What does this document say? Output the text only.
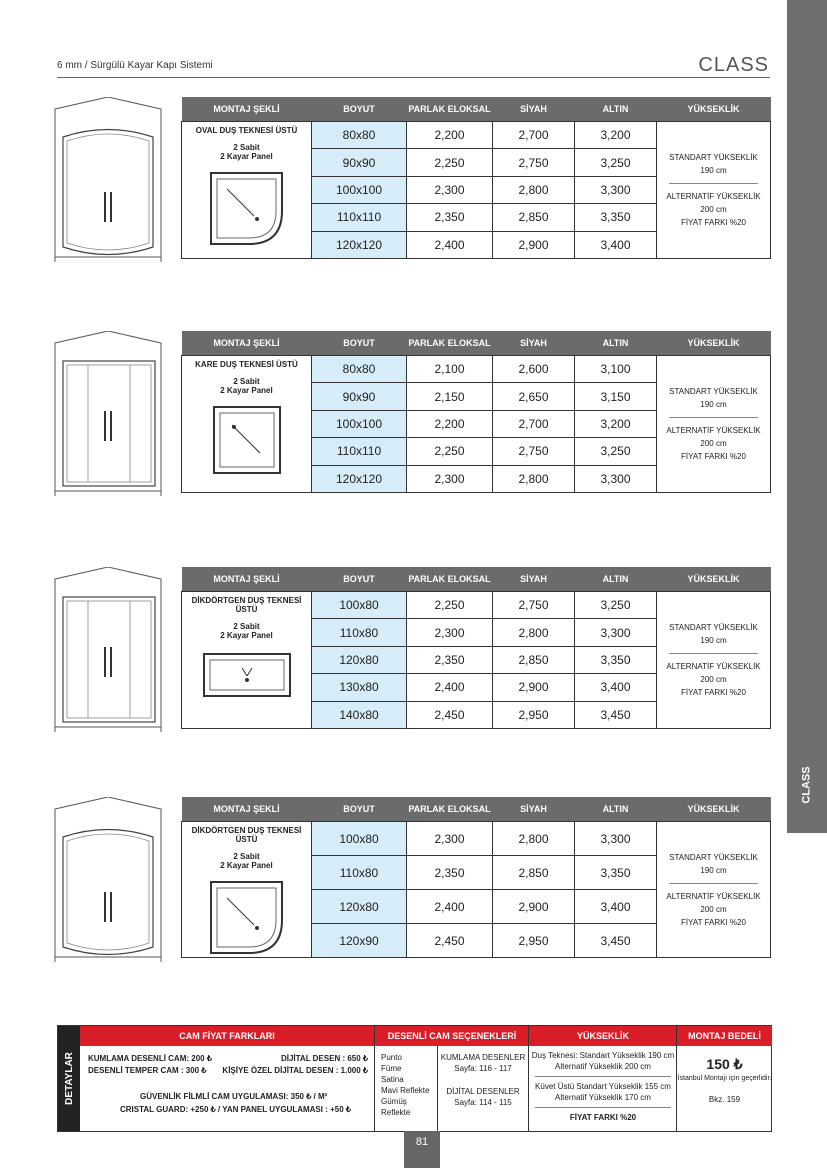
6 mm / Sürgülü Kayar Kapı Sistemi	CLASS
CLASS
MONTAJ ŞEKLİ	BOYUT	PARLAK ELOKSAL	SİYAH	ALTIN	YÜKSEKLİK

OVAL DUŞ TEKNESİ ÜSTÜ
2 Sabit
2 Kayar Panel	80x80	2,200	2,700	3,200	STANDART YÜKSEKLİK
190 cm
ALTERNATİF YÜKSEKLİK
200 cm
FİYAT FARKI %20

	90x90	2,250	2,750	3,250	
	100x100	2,300	2,800	3,300	
	110x110	2,350	2,850	3,350	
	120x120	2,400	2,900	3,400	
MONTAJ ŞEKLİ	BOYUT	PARLAK ELOKSAL	SİYAH	ALTIN	YÜKSEKLİK

KARE DUŞ TEKNESİ ÜSTÜ
2 Sabit
2 Kayar Panel	80x80	2,100	2,600	3,100	STANDART YÜKSEKLİK
190 cm
ALTERNATİF YÜKSEKLİK
200 cm
FİYAT FARKI %20

	90x90	2,150	2,650	3,150	
	100x100	2,200	2,700	3,200	
	110x110	2,250	2,750	3,250	
	120x120	2,300	2,800	3,300	
MONTAJ ŞEKLİ	BOYUT	PARLAK ELOKSAL	SİYAH	ALTIN	YÜKSEKLİK

DİKDÖRTGEN DUŞ TEKNESİ ÜSTÜ
2 Sabit
2 Kayar Panel	100x80	2,250	2,750	3,250	STANDART YÜKSEKLİK
190 cm
ALTERNATİF YÜKSEKLİK
200 cm
FİYAT FARKI %20

	110x80	2,300	2,800	3,300	
	120x80	2,350	2,850	3,350	
	130x80	2,400	2,900	3,400	
	140x80	2,450	2,950	3,450	
MONTAJ ŞEKLİ	BOYUT	PARLAK ELOKSAL	SİYAH	ALTIN	YÜKSEKLİK

DİKDÖRTGEN DUŞ TEKNESİ ÜSTÜ
2 Sabit
2 Kayar Panel	100x80	2,300	2,800	3,300	STANDART YÜKSEKLİK
190 cm
ALTERNATİF YÜKSEKLİK
200 cm
FİYAT FARKI %20

	110x80	2,350	2,850	3,350	
	120x80	2,400	2,900	3,400	
	120x90	2,450	2,950	3,450	
DETAYLAR
CAM FİYAT FARKLARI
KUMLAMA DESENLİ CAM: 200 ₺	DİJİTAL DESEN : 650 ₺
DESENLİ TEMPER CAM : 300 ₺ KİŞİYE ÖZEL DİJİTAL DESEN : 1.000 ₺
GÜVENLİK FİLMLİ CAM UYGULAMASI: 350 ₺ / M²
CRISTAL GUARD: +250 ₺ / YAN PANEL UYGULAMASI : +50 ₺
DESENLİ CAM SEÇENEKLERİ
Punto
Füme
Satina
Mavi Reflekte
Gümüş Reflekte
KUMLAMA DESENLER
Sayfa: 116 - 117
DİJİTAL DESENLER
Sayfa: 114 - 115
YÜKSEKLİK
Duş Teknesi: Standart Yükseklik 190 cm
Alternatif Yükseklik 200 cm
Küvet Üstü Standart Yükseklik 155 cm
Alternatif Yükseklik 170 cm
FİYAT FARKI %20
MONTAJ BEDELİ
150 ₺
İstanbul Montajı için geçerlidir.
Bkz. 159
81
